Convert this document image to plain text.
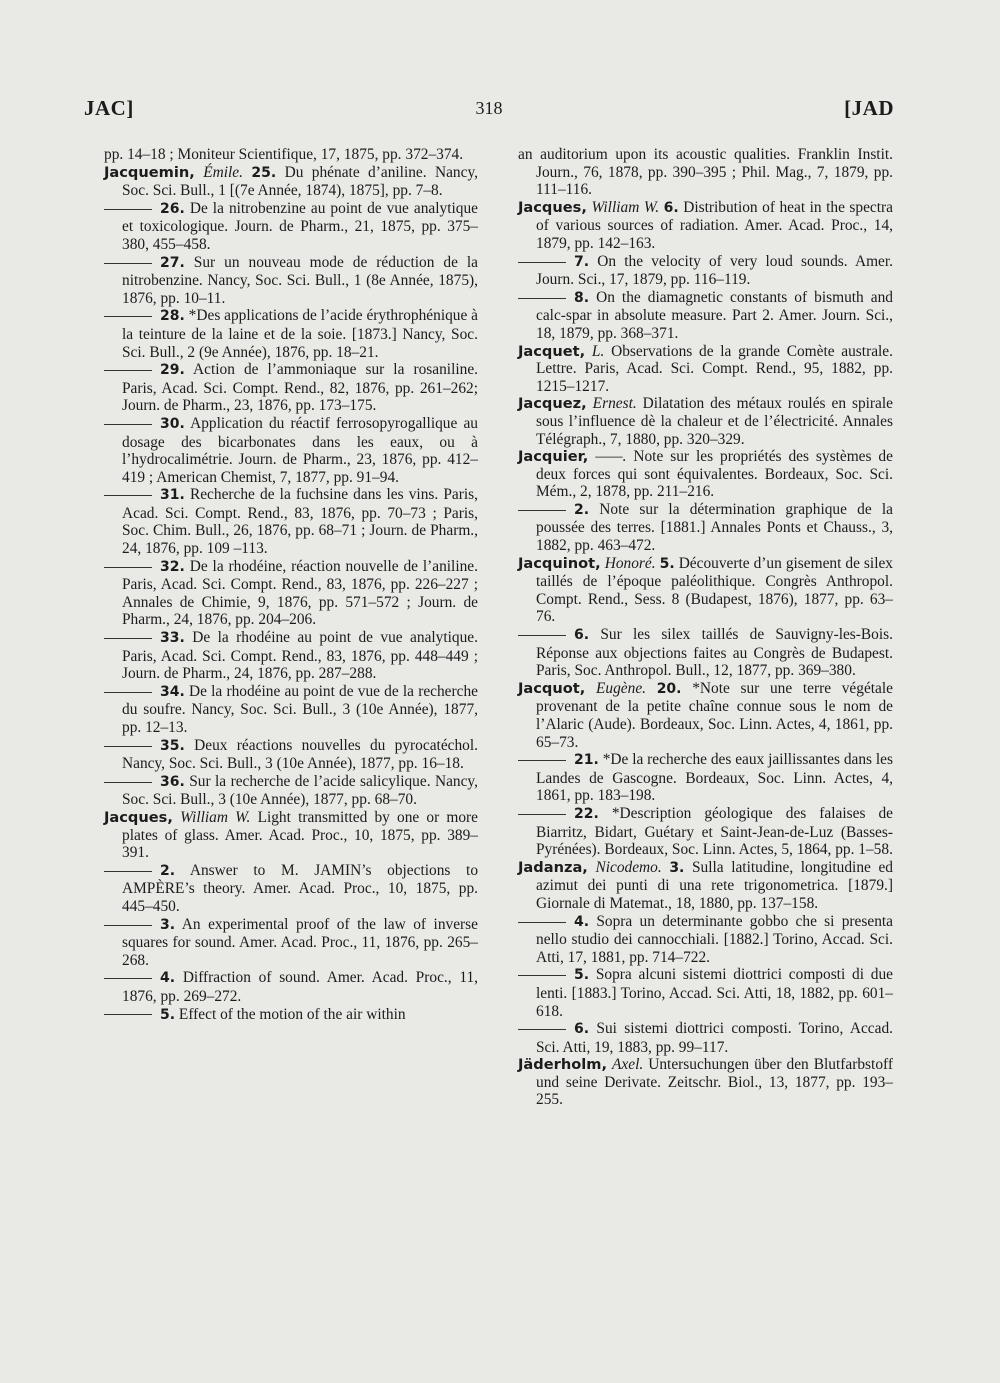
JAC]	318	[JAD
pp. 14–18 ; Moniteur Scientifique, 17, 1875, pp. 372–374.
Jacquemin, Émile. 25. Du phénate d’aniline. Nancy, Soc. Sci. Bull., 1 [(7e Année, 1874), 1875], pp. 7–8.
26. De la nitrobenzine au point de vue analytique et toxicologique. Journ. de Pharm., 21, 1875, pp. 375–380, 455–458.
27. Sur un nouveau mode de réduction de la nitrobenzine. Nancy, Soc. Sci. Bull., 1 (8e Année, 1875), 1876, pp. 10–11.
28. *Des applications de l’acide érythrophénique à la teinture de la laine et de la soie. [1873.] Nancy, Soc. Sci. Bull., 2 (9e Année), 1876, pp. 18–21.
29. Action de l’ammoniaque sur la rosaniline. Paris, Acad. Sci. Compt. Rend., 82, 1876, pp. 261–262; Journ. de Pharm., 23, 1876, pp. 173–175.
30. Application du réactif ferrosopyrogallique au dosage des bicarbonates dans les eaux, ou à l’hydrocalimétrie. Journ. de Pharm., 23, 1876, pp. 412–419 ; American Chemist, 7, 1877, pp. 91–94.
31. Recherche de la fuchsine dans les vins. Paris, Acad. Sci. Compt. Rend., 83, 1876, pp. 70–73 ; Paris, Soc. Chim. Bull., 26, 1876, pp. 68–71 ; Journ. de Pharm., 24, 1876, pp. 109 –113.
32. De la rhodéine, réaction nouvelle de l’aniline. Paris, Acad. Sci. Compt. Rend., 83, 1876, pp. 226–227 ; Annales de Chimie, 9, 1876, pp. 571–572 ; Journ. de Pharm., 24, 1876, pp. 204–206.
33. De la rhodéine au point de vue analytique. Paris, Acad. Sci. Compt. Rend., 83, 1876, pp. 448–449 ; Journ. de Pharm., 24, 1876, pp. 287–288.
34. De la rhodéine au point de vue de la recherche du soufre. Nancy, Soc. Sci. Bull., 3 (10e Année), 1877, pp. 12–13.
35. Deux réactions nouvelles du pyrocatéchol. Nancy, Soc. Sci. Bull., 3 (10e Année), 1877, pp. 16–18.
36. Sur la recherche de l’acide salicylique. Nancy, Soc. Sci. Bull., 3 (10e Année), 1877, pp. 68–70.
Jacques, William W. Light transmitted by one or more plates of glass. Amer. Acad. Proc., 10, 1875, pp. 389–391.
2. Answer to M. JAMIN’s objections to AMPÈRE’s theory. Amer. Acad. Proc., 10, 1875, pp. 445–450.
3. An experimental proof of the law of inverse squares for sound. Amer. Acad. Proc., 11, 1876, pp. 265–268.
4. Diffraction of sound. Amer. Acad. Proc., 11, 1876, pp. 269–272.
5. Effect of the motion of the air within
an auditorium upon its acoustic qualities. Franklin Instit. Journ., 76, 1878, pp. 390–395 ; Phil. Mag., 7, 1879, pp. 111–116.
Jacques, William W. 6. Distribution of heat in the spectra of various sources of radiation. Amer. Acad. Proc., 14, 1879, pp. 142–163.
7. On the velocity of very loud sounds. Amer. Journ. Sci., 17, 1879, pp. 116–119.
8. On the diamagnetic constants of bismuth and calc-spar in absolute measure. Part 2. Amer. Journ. Sci., 18, 1879, pp. 368–371.
Jacquet, L. Observations de la grande Comète australe. Lettre. Paris, Acad. Sci. Compt. Rend., 95, 1882, pp. 1215–1217.
Jacquez, Ernest. Dilatation des métaux roulés en spirale sous l’influence dè la chaleur et de l’électricité. Annales Télégraph., 7, 1880, pp. 320–329.
Jacquier, ——. Note sur les propriétés des systèmes de deux forces qui sont équivalentes. Bordeaux, Soc. Sci. Mém., 2, 1878, pp. 211–216.
2. Note sur la détermination graphique de la poussée des terres. [1881.] Annales Ponts et Chauss., 3, 1882, pp. 463–472.
Jacquinot, Honoré. 5. Découverte d’un gisement de silex taillés de l’époque paléolithique. Congrès Anthropol. Compt. Rend., Sess. 8 (Budapest, 1876), 1877, pp. 63–76.
6. Sur les silex taillés de Sauvigny-les-Bois. Réponse aux objections faites au Congrès de Budapest. Paris, Soc. Anthropol. Bull., 12, 1877, pp. 369–380.
Jacquot, Eugène. 20. *Note sur une terre végétale provenant de la petite chaîne connue sous le nom de l’Alaric (Aude). Bordeaux, Soc. Linn. Actes, 4, 1861, pp. 65–73.
21. *De la recherche des eaux jaillissantes dans les Landes de Gascogne. Bordeaux, Soc. Linn. Actes, 4, 1861, pp. 183–198.
22. *Description géologique des falaises de Biarritz, Bidart, Guétary et Saint-Jean-de-Luz (Basses-Pyrénées). Bordeaux, Soc. Linn. Actes, 5, 1864, pp. 1–58.
Jadanza, Nicodemo. 3. Sulla latitudine, longitudine ed azimut dei punti di una rete trigonometrica. [1879.] Giornale di Matemat., 18, 1880, pp. 137–158.
4. Sopra un determinante gobbo che si presenta nello studio dei cannocchiali. [1882.] Torino, Accad. Sci. Atti, 17, 1881, pp. 714–722.
5. Sopra alcuni sistemi diottrici composti di due lenti. [1883.] Torino, Accad. Sci. Atti, 18, 1882, pp. 601–618.
6. Sui sistemi diottrici composti. Torino, Accad. Sci. Atti, 19, 1883, pp. 99–117.
Jäderholm, Axel. Untersuchungen über den Blutfarbstoff und seine Derivate. Zeitschr. Biol., 13, 1877, pp. 193–255.
